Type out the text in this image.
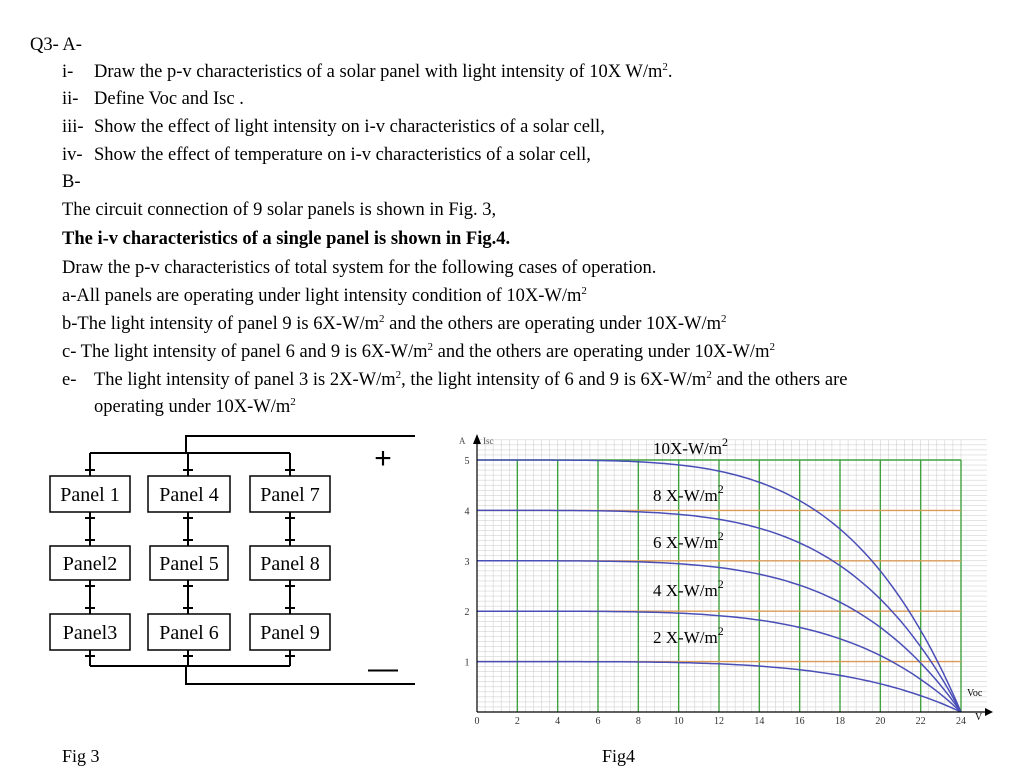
Q3- A-
i- Draw the p-v characteristics of a solar panel with light intensity of 10X $W/m^2$.
ii- Define Voc and Isc .
iii- Show the effect of light intensity on i-v characteristics of a solar cell,
iv- Show the effect of temperature on i-v characteristics of a solar cell,
B-
The circuit connection of 9 solar panels is shown in Fig. 3,
The i-v characteristics of a single panel is shown in Fig.4.
Draw the p-v characteristics of total system for the following cases of operation.
a-All panels are operating under light intensity condition of $10X-W/m^2$
b-The light intensity of panel 9 is $6X-W/m^2$ and the others are operating under $10X-W/m^2$
c- The light intensity of panel 6 and 9 is $6X-W/m^2$ and the others are operating under $10X-W/m^2$
e- The light intensity of panel 3 is $2X-W/m^2$, the light intensity of 6 and 9 is $6X-W/m^2$ and the others are
operating under $10X-W/m^2$
Panel 1 Panel 4 Panel 7
Panel2 Panel 5 Panel 8
Panel3 Panel 6 Panel 9
+
—
0	2	4	6	8	10	12	14	16	18	20	22	24
1
2
3
4
5
$10X-W/m^2$
8 $X-W/m^2$
6 $X-W/m^2$
4 $X-W/m^2$
2 $X-W/m^2$
A Isc
Voc
V
Fig 3	Fig4
